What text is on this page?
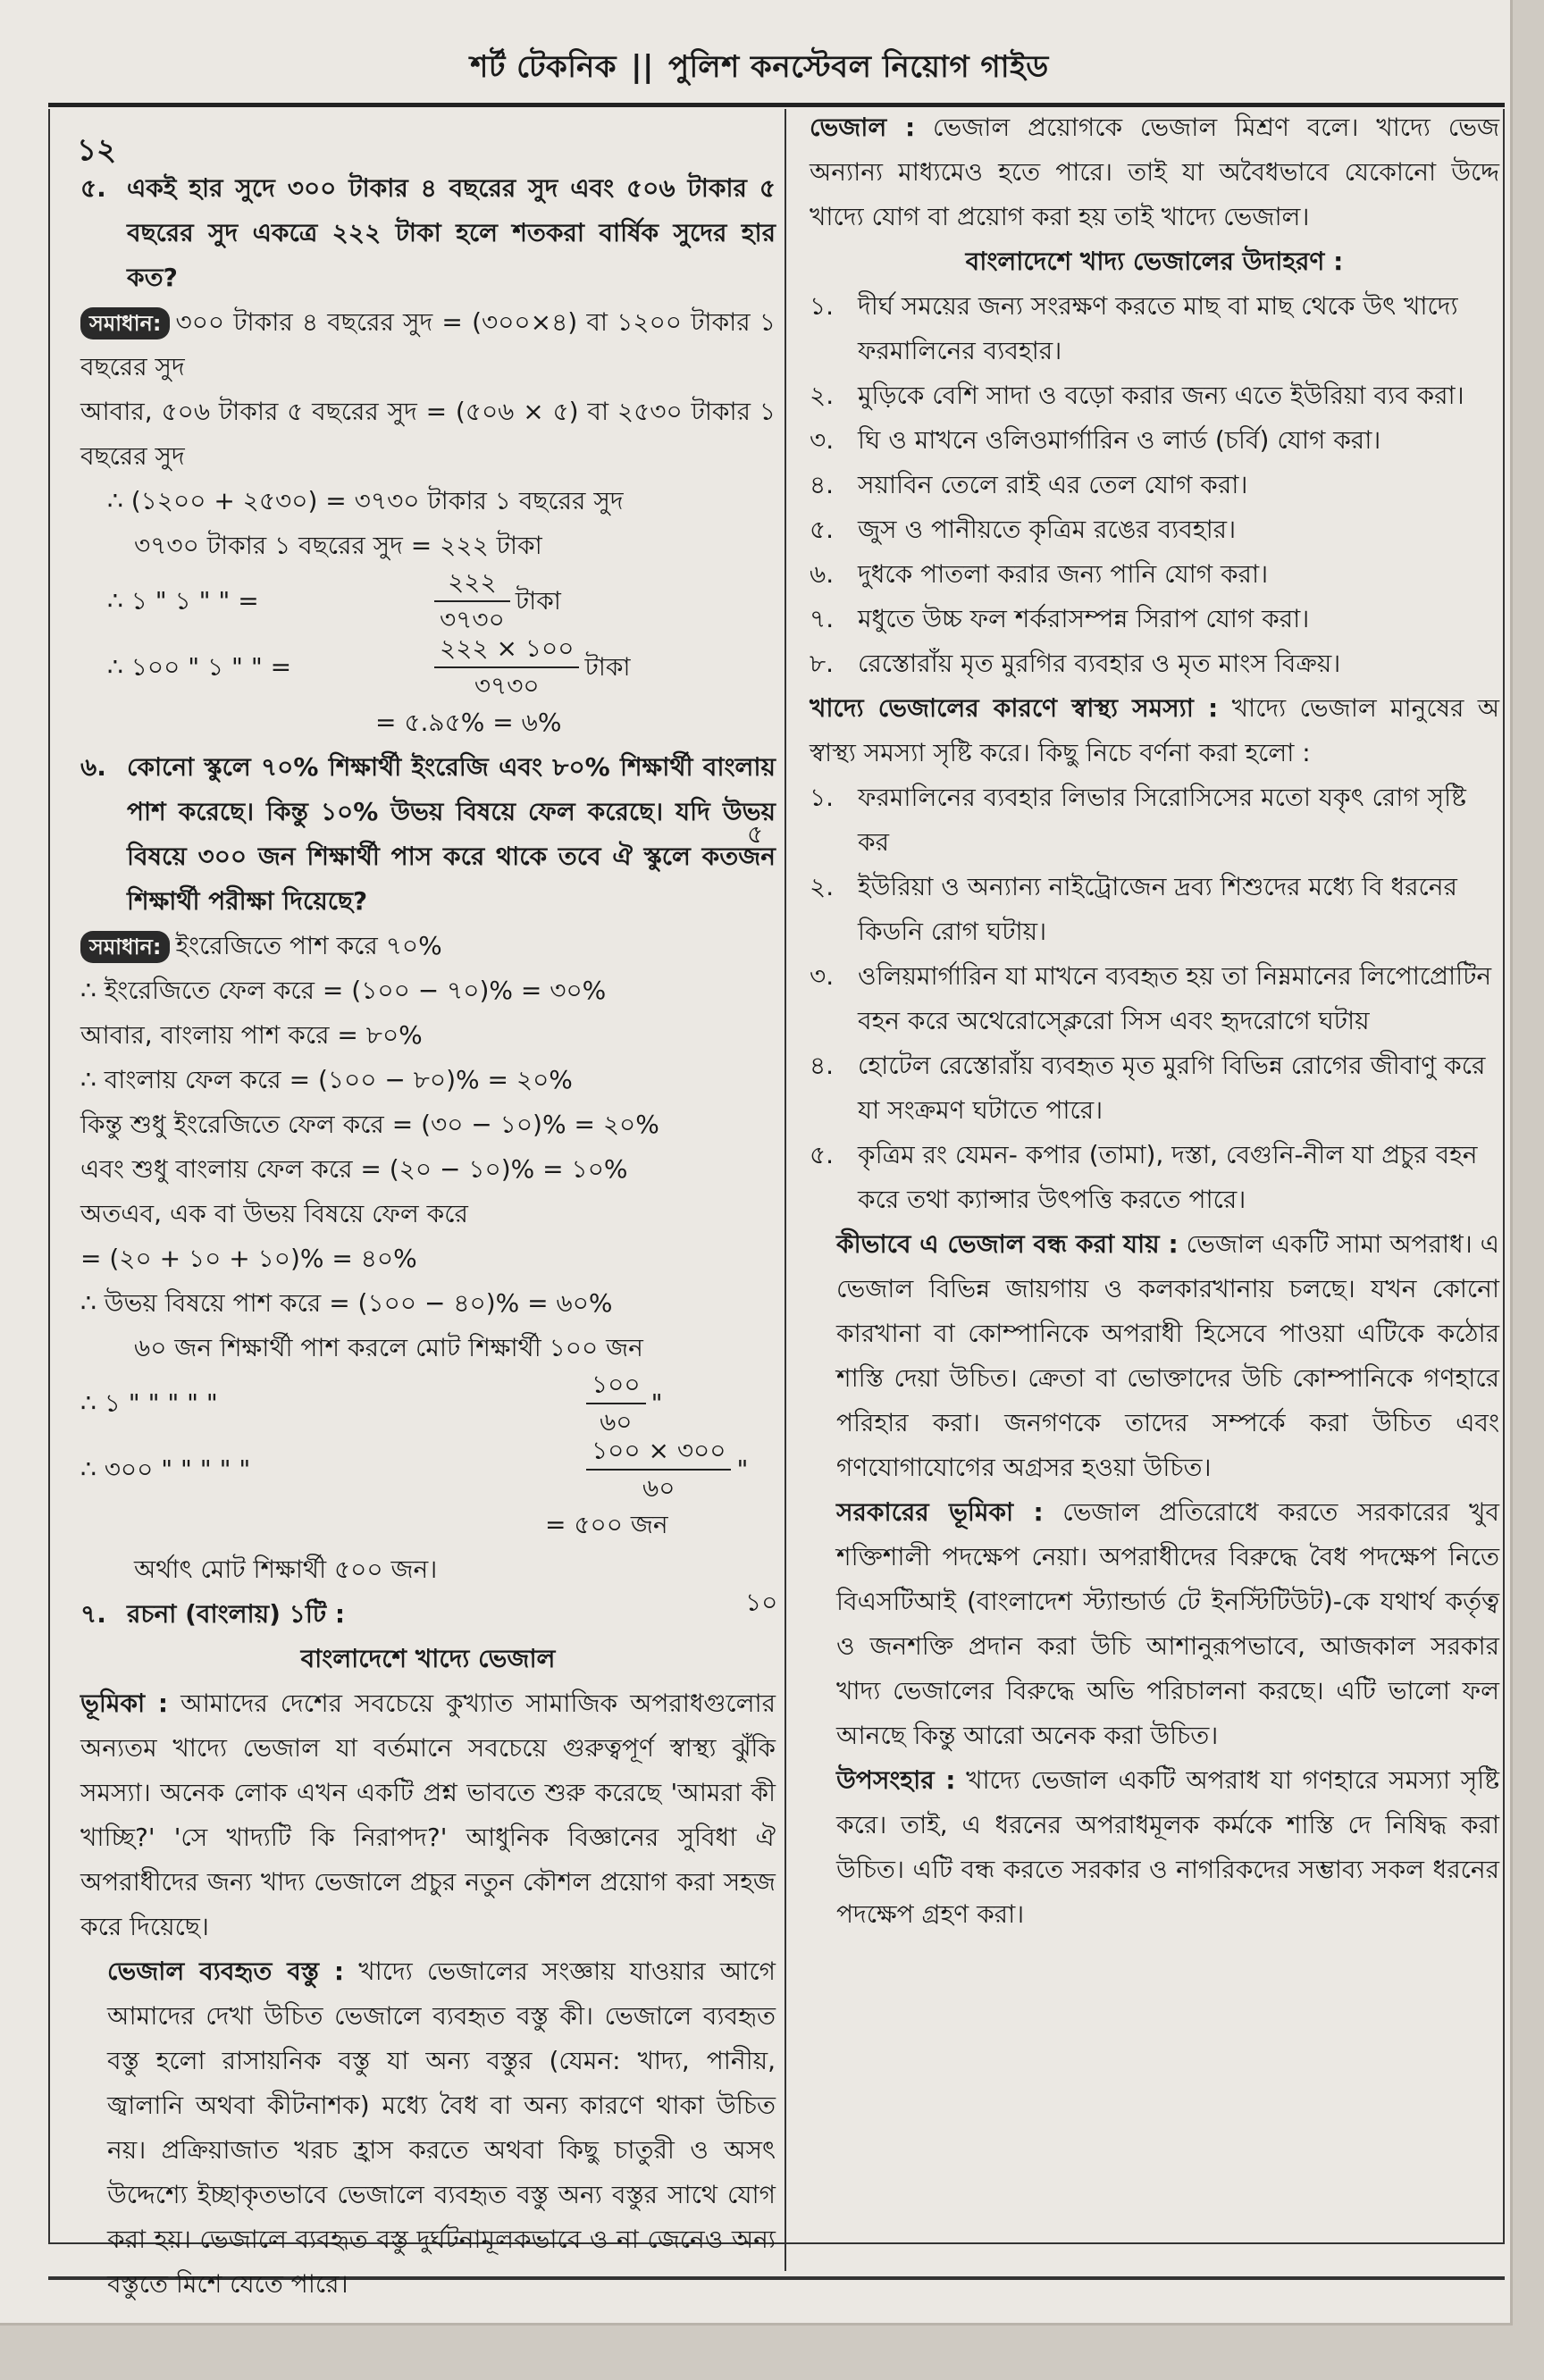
শর্ট টেকনিক || পুলিশ কনস্টেবল নিয়োগ গাইড
১২
৫. একই হার সুদে ৩০০ টাকার ৪ বছরের সুদ এবং ৫০৬ টাকার ৫ বছরের সুদ একত্রে ২২২ টাকা হলে শতকরা বার্ষিক সুদের হার কত?

সমাধান: ৩০০ টাকার ৪ বছরের সুদ = (৩০০×৪) বা ১২০০ টাকার ১ বছরের সুদ

আবার, ৫০৬ টাকার ৫ বছরের সুদ = (৫০৬ × ৫) বা ২৫৩০ টাকার ১ বছরের সুদ

∴ (১২০০ + ২৫৩০) = ৩৭৩০ টাকার ১ বছরের সুদ

৩৭৩০ টাকার ১ বছরের সুদ = ২২২ টাকা

∴ ১ " ১ " " =	$\frac{২২২}{৩৭৩০}$ টাকা
∴ ১০০ " ১ " " =	$\frac{২২২ \times ১০০}{৩৭৩০}$ টাকা

= ৫.৯৫% = ৬%

৬. কোনো স্কুলে ৭০% শিক্ষার্থী ইংরেজি এবং ৮০% শিক্ষার্থী বাংলায় পাশ করেছে। কিন্তু ১০% উভয় বিষয়ে ফেল করেছে। যদি উভয় বিষয়ে ৩০০ জন শিক্ষার্থী পাস করে থাকে তবে ঐ স্কুলে কতজন শিক্ষার্থী পরীক্ষা দিয়েছে?

সমাধান: ইংরেজিতে পাশ করে ৭০%

∴ ইংরেজিতে ফেল করে = (১০০ − ৭০)% = ৩০%

আবার, বাংলায় পাশ করে = ৮০%

∴ বাংলায় ফেল করে = (১০০ − ৮০)% = ২০%

কিন্তু শুধু ইংরেজিতে ফেল করে = (৩০ − ১০)% = ২০%

এবং শুধু বাংলায় ফেল করে = (২০ − ১০)% = ১০%

অতএব, এক বা উভয় বিষয়ে ফেল করে

= (২০ + ১০ + ১০)% = ৪০%

∴ উভয় বিষয়ে পাশ করে = (১০০ − ৪০)% = ৬০%

৬০ জন শিক্ষার্থী পাশ করলে মোট শিক্ষার্থী ১০০ জন

∴ ১ " " " " "	$\frac{১০০}{৬০}$ "
∴ ৩০০ " " " " "	$\frac{১০০ \times ৩০০}{৬০}$ "

= ৫০০ জন

অর্থাৎ মোট শিক্ষার্থী ৫০০ জন।

৭. রচনা (বাংলায়) ১টি :

বাংলাদেশে খাদ্যে ভেজাল

ভূমিকা : আমাদের দেশের সবচেয়ে কুখ্যাত সামাজিক অপরাধগুলোর অন্যতম খাদ্যে ভেজাল যা বর্তমানে সবচেয়ে গুরুত্বপূর্ণ স্বাস্থ্য ঝুঁকি সমস্যা। অনেক লোক এখন একটি প্রশ্ন ভাবতে শুরু করেছে 'আমরা কী খাচ্ছি?' 'সে খাদ্যটি কি নিরাপদ?' আধুনিক বিজ্ঞানের সুবিধা ঐ অপরাধীদের জন্য খাদ্য ভেজালে প্রচুর নতুন কৌশল প্রয়োগ করা সহজ করে দিয়েছে।

ভেজাল ব্যবহৃত বস্তু : খাদ্যে ভেজালের সংজ্ঞায় যাওয়ার আগে আমাদের দেখা উচিত ভেজালে ব্যবহৃত বস্তু কী। ভেজালে ব্যবহৃত বস্তু হলো রাসায়নিক বস্তু যা অন্য বস্তুর (যেমন: খাদ্য, পানীয়, জ্বালানি অথবা কীটনাশক) মধ্যে বৈধ বা অন্য কারণে থাকা উচিত নয়। প্রক্রিয়াজাত খরচ হ্রাস করতে অথবা কিছু চাতুরী ও অসৎ উদ্দেশ্যে ইচ্ছাকৃতভাবে ভেজালে ব্যবহৃত বস্তু অন্য বস্তুর সাথে যোগ করা হয়। ভেজালে ব্যবহৃত বস্তু দুর্ঘটনামূলকভাবে ও না জেনেও অন্য বস্তুতে মিশে যেতে পারে।

৫
১০

ভেজাল : ভেজাল প্রয়োগকে ভেজাল মিশ্রণ বলে। খাদ্যে ভেজ অন্যান্য মাধ্যমেও হতে পারে। তাই যা অবৈধভাবে যেকোনো উদ্দে খাদ্যে যোগ বা প্রয়োগ করা হয় তাই খাদ্যে ভেজাল।

বাংলাদেশে খাদ্য ভেজালের উদাহরণ :

১. দীর্ঘ সময়ের জন্য সংরক্ষণ করতে মাছ বা মাছ থেকে উৎ খাদ্যে ফরমালিনের ব্যবহার।
২. মুড়িকে বেশি সাদা ও বড়ো করার জন্য এতে ইউরিয়া ব্যব করা।
৩. ঘি ও মাখনে ওলিওমার্গারিন ও লার্ড (চর্বি) যোগ করা।
৪. সয়াবিন তেলে রাই এর তেল যোগ করা।
৫. জুস ও পানীয়তে কৃত্রিম রঙের ব্যবহার।
৬. দুধকে পাতলা করার জন্য পানি যোগ করা।
৭. মধুতে উচ্চ ফল শর্করাসম্পন্ন সিরাপ যোগ করা।
৮. রেস্তোরাঁয় মৃত মুরগির ব্যবহার ও মৃত মাংস বিক্রয়।

খাদ্যে ভেজালের কারণে স্বাস্থ্য সমস্যা : খাদ্যে ভেজাল মানুষের অ স্বাস্থ্য সমস্যা সৃষ্টি করে। কিছু নিচে বর্ণনা করা হলো :

১. ফরমালিনের ব্যবহার লিভার সিরোসিসের মতো যকৃৎ রোগ সৃষ্টি কর
২. ইউরিয়া ও অন্যান্য নাইট্রোজেন দ্রব্য শিশুদের মধ্যে বি ধরনের কিডনি রোগ ঘটায়।
৩. ওলিয়মার্গারিন যা মাখনে ব্যবহৃত হয় তা নিম্নমানের লিপোপ্রোটিন বহন করে অথেরোস্ক্লেরো সিস এবং হৃদরোগে ঘটায়
৪. হোটেল রেস্তোরাঁয় ব্যবহৃত মৃত মুরগি বিভিন্ন রোগের জীবাণু করে যা সংক্রমণ ঘটাতে পারে।
৫. কৃত্রিম রং যেমন- কপার (তামা), দস্তা, বেগুনি-নীল যা প্রচুর বহন করে তথা ক্যান্সার উৎপত্তি করতে পারে।

কীভাবে এ ভেজাল বন্ধ করা যায় : ভেজাল একটি সামা অপরাধ। এ ভেজাল বিভিন্ন জায়গায় ও কলকারখানায় চলছে। যখন কোনো কারখানা বা কোম্পানিকে অপরাধী হিসেবে পাওয়া এটিকে কঠোর শাস্তি দেয়া উচিত। ক্রেতা বা ভোক্তাদের উচি কোম্পানিকে গণহারে পরিহার করা। জনগণকে তাদের সম্পর্কে করা উচিত এবং গণযোগাযোগের অগ্রসর হওয়া উচিত।

সরকারের ভূমিকা : ভেজাল প্রতিরোধে করতে সরকারের খুব শক্তিশালী পদক্ষেপ নেয়া। অপরাধীদের বিরুদ্ধে বৈধ পদক্ষেপ নিতে বিএসটিআই (বাংলাদেশ স্ট্যান্ডার্ড টে ইনস্টিটিউট)-কে যথার্থ কর্তৃত্ব ও জনশক্তি প্রদান করা উচি আশানুরূপভাবে, আজকাল সরকার খাদ্য ভেজালের বিরুদ্ধে অভি পরিচালনা করছে। এটি ভালো ফল আনছে কিন্তু আরো অনেক করা উচিত।

উপসংহার : খাদ্যে ভেজাল একটি অপরাধ যা গণহারে সমস্যা সৃষ্টি করে। তাই, এ ধরনের অপরাধমূলক কর্মকে শাস্তি দে নিষিদ্ধ করা উচিত। এটি বন্ধ করতে সরকার ও নাগরিকদের সম্ভাব্য সকল ধরনের পদক্ষেপ গ্রহণ করা।
